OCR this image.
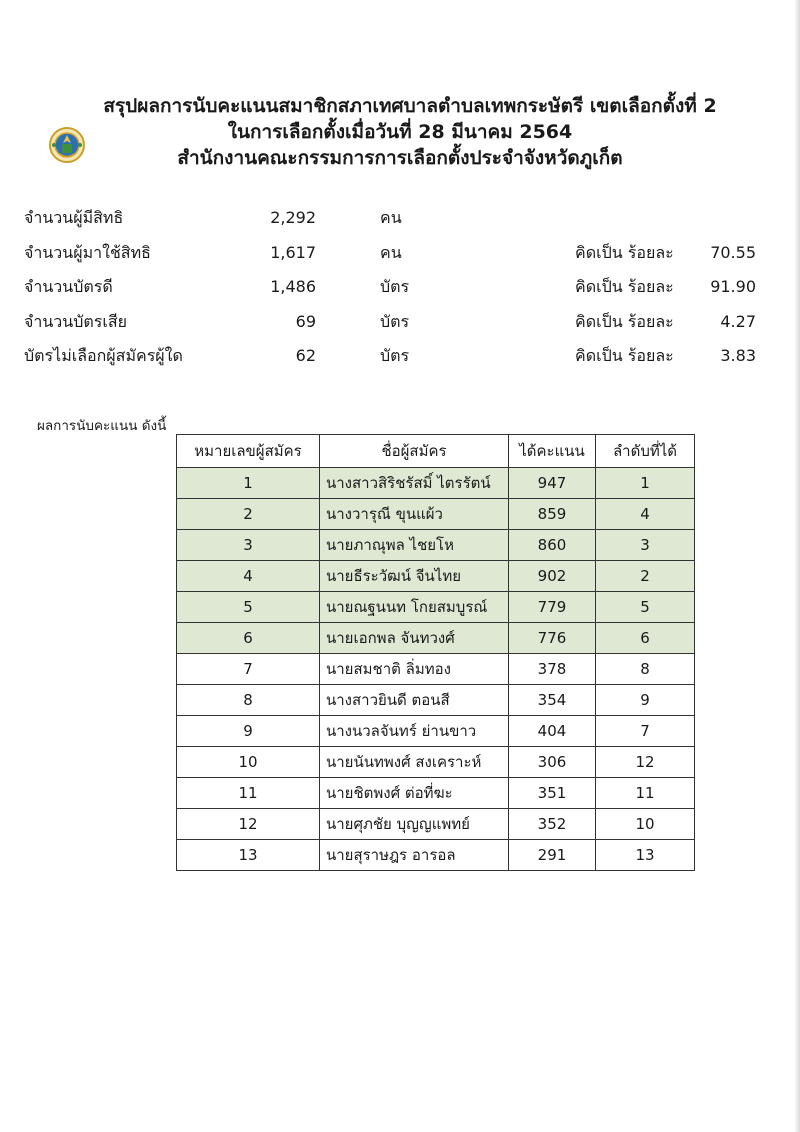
สรุปผลการนับคะแนนสมาชิกสภาเทศบาลตำบลเทพกระษัตรี เขตเลือกตั้งที่ 2
ในการเลือกตั้งเมื่อวันที่ 28 มีนาคม 2564
สำนักงานคณะกรรมการการเลือกตั้งประจำจังหวัดภูเก็ต
จำนวนผู้มีสิทธิ	2,292	คน
จำนวนผู้มาใช้สิทธิ	1,617	คน	คิดเป็น ร้อยละ 70.55
จำนวนบัตรดี	1,486	บัตร	คิดเป็น ร้อยละ 91.90
จำนวนบัตรเสีย	69	บัตร	คิดเป็น ร้อยละ	4.27
บัตรไม่เลือกผู้สมัครผู้ใด	62	บัตร	คิดเป็น ร้อยละ	3.83
ผลการนับคะแนน ดังนี้
หมายเลขผู้สมัคร	ชื่อผู้สมัคร	ได้คะแนน	ลำดับที่ได้
1	นางสาวสิริชรัสมิ์ ไตรรัตน์	947	1
2	นางวารุณี ขุนแผ้ว	859	4
3	นายภาณุพล ไชยโห	860	3
4	นายธีระวัฒน์ จีนไทย	902	2
5	นายณฐนนท โกยสมบูรณ์	779	5
6	นายเอกพล จันทวงศ์	776	6
7	นายสมชาติ ลิ่มทอง	378	8
8	นางสาวยินดี ตอนสี	354	9
9	นางนวลจันทร์ ย่านขาว	404	7
10	นายนันทพงศ์ สงเคราะห์	306	12
11	นายชิตพงศ์ ต่อที่ฆะ	351	11
12	นายศุภชัย บุญญแพทย์	352	10
13	นายสุราษฎร อารอล	291	13
